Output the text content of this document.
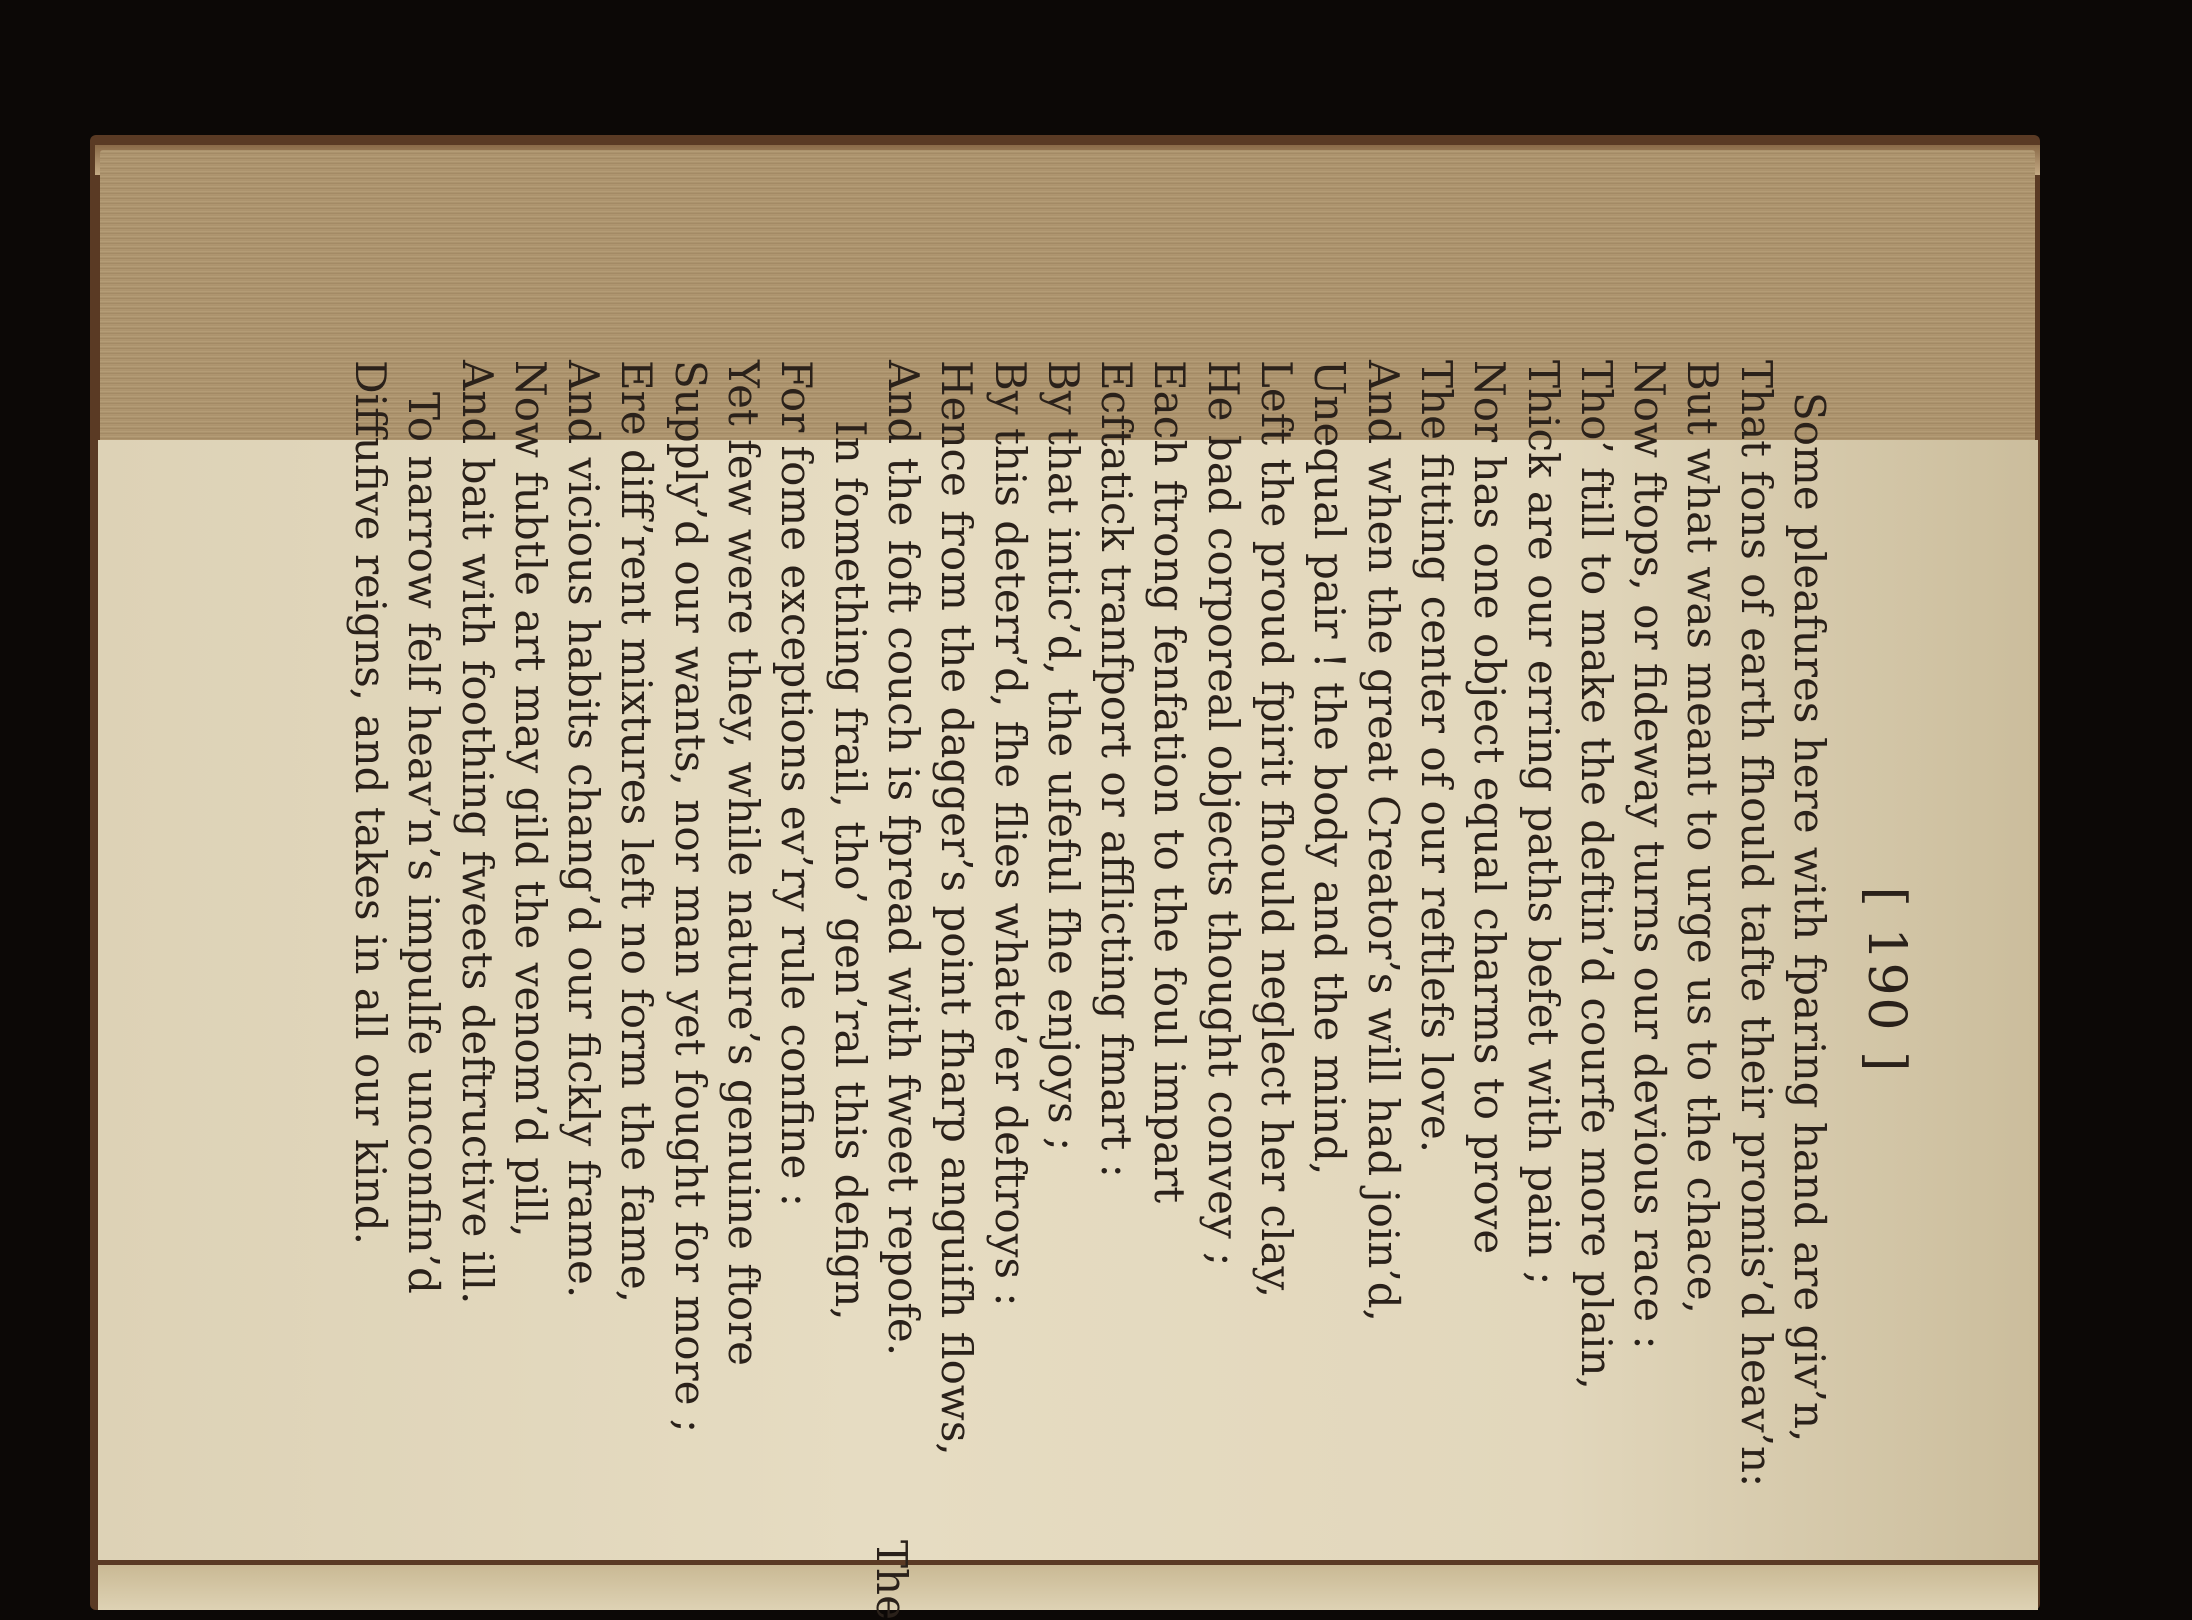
[ 190 ]
Some pleafures here with fparing hand are giv’n,
That fons of earth fhould tafte their promis’d heav’n:
But what was meant to urge us to the chace,
Now ftops, or fideway turns our devious race :
Tho’ ftill to make the deftin’d courfe more plain,
Thick are our erring paths befet with pain ;
Nor has one object equal charms to prove
The fitting center of our reftlefs love.
And when the great Creator’s will had join’d,
Unequal pair ! the body and the mind,
Left the proud fpirit fhould neglect her clay,
He bad corporeal objects thought convey ;
Each ftrong fenfation to the foul impart
Ecftatick tranfport or afflicting fmart :
By that intic’d, the ufeful fhe enjoys ;
By this deterr’d, fhe flies whate’er deftroys :
Hence from the dagger’s point fharp anguifh flows,
And the foft couch is fpread with fweet repofe.
In fomething frail, tho’ gen’ral this defign,
For fome exceptions ev’ry rule confine :
Yet few were they, while nature’s genuine ftore
Supply’d our wants, nor man yet fought for more ;
Ere diff’rent mixtures left no form the fame,
And vicious habits chang’d our fickly frame.
Now fubtle art may gild the venom’d pill,
And bait with foothing fweets deftructive ill.
To narrow felf heav’n’s impulfe unconfin’d
Diffufive reigns, and takes in all our kind.
The
